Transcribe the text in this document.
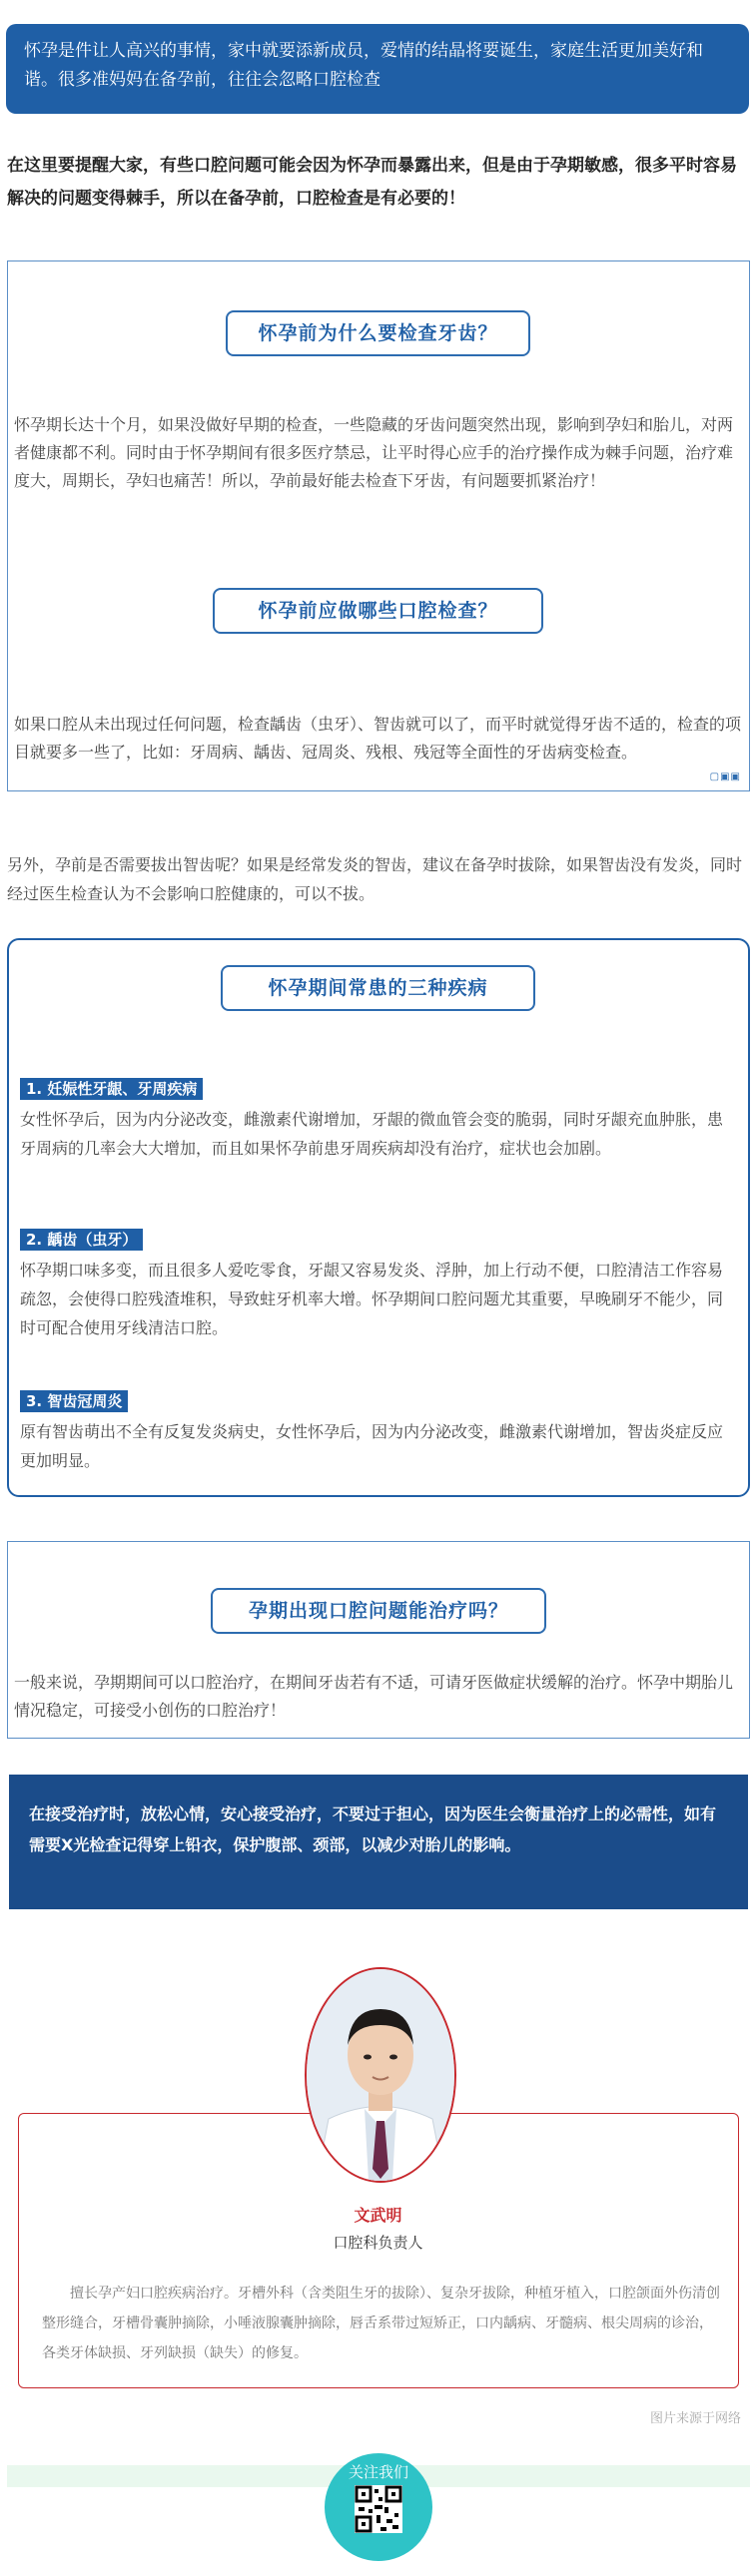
怀孕是件让人高兴的事情，家中就要添新成员，爱情的结晶将要诞生，家庭生活更加美好和谐。很多准妈妈在备孕前，往往会忽略口腔检查
在这里要提醒大家，有些口腔问题可能会因为怀孕而暴露出来，但是由于孕期敏感，很多平时容易解决的问题变得棘手，所以在备孕前，口腔检查是有必要的！
▢▣▣
怀孕前为什么要检查牙齿？
怀孕期长达十个月，如果没做好早期的检查，一些隐藏的牙齿问题突然出现，影响到孕妇和胎儿，对两者健康都不利。同时由于怀孕期间有很多医疗禁忌，让平时得心应手的治疗操作成为棘手问题，治疗难度大，周期长，孕妇也痛苦！所以，孕前最好能去检查下牙齿，有问题要抓紧治疗！
怀孕前应做哪些口腔检查？
如果口腔从未出现过任何问题，检查龋齿（虫牙）、智齿就可以了，而平时就觉得牙齿不适的，检查的项目就要多一些了，比如：牙周病、龋齿、冠周炎、残根、残冠等全面性的牙齿病变检查。
另外，孕前是否需要拔出智齿呢？如果是经常发炎的智齿，建议在备孕时拔除，如果智齿没有发炎，同时经过医生检查认为不会影响口腔健康的，可以不拔。
怀孕期间常患的三种疾病
1. 妊娠性牙龈、牙周疾病
女性怀孕后，因为内分泌改变，雌激素代谢增加，牙龈的微血管会变的脆弱，同时牙龈充血肿胀，患牙周病的几率会大大增加，而且如果怀孕前患牙周疾病却没有治疗，症状也会加剧。
2. 龋齿（虫牙）
怀孕期口味多变，而且很多人爱吃零食，牙龈又容易发炎、浮肿，加上行动不便，口腔清洁工作容易疏忽，会使得口腔残渣堆积，导致蛀牙机率大增。怀孕期间口腔问题尤其重要，早晚刷牙不能少，同时可配合使用牙线清洁口腔。
3. 智齿冠周炎
原有智齿萌出不全有反复发炎病史，女性怀孕后，因为内分泌改变，雌激素代谢增加，智齿炎症反应更加明显。
孕期出现口腔问题能治疗吗？
一般来说，孕期期间可以口腔治疗，在期间牙齿若有不适，可请牙医做症状缓解的治疗。怀孕中期胎儿情况稳定，可接受小创伤的口腔治疗！
在接受治疗时，放松心情，安心接受治疗，不要过于担心，因为医生会衡量治疗上的必需性，如有需要X光检查记得穿上铅衣，保护腹部、颈部，以减少对胎儿的影响。
文武明
口腔科负责人
擅长孕产妇口腔疾病治疗。牙槽外科（含类阻生牙的拔除）、复杂牙拔除，种植牙植入，口腔颌面外伤清创整形缝合，牙槽骨囊肿摘除，小唾液腺囊肿摘除，唇舌系带过短矫正，口内龋病、牙髓病、根尖周病的诊治，各类牙体缺损、牙列缺损（缺失）的修复。
图片来源于网络
关注我们
